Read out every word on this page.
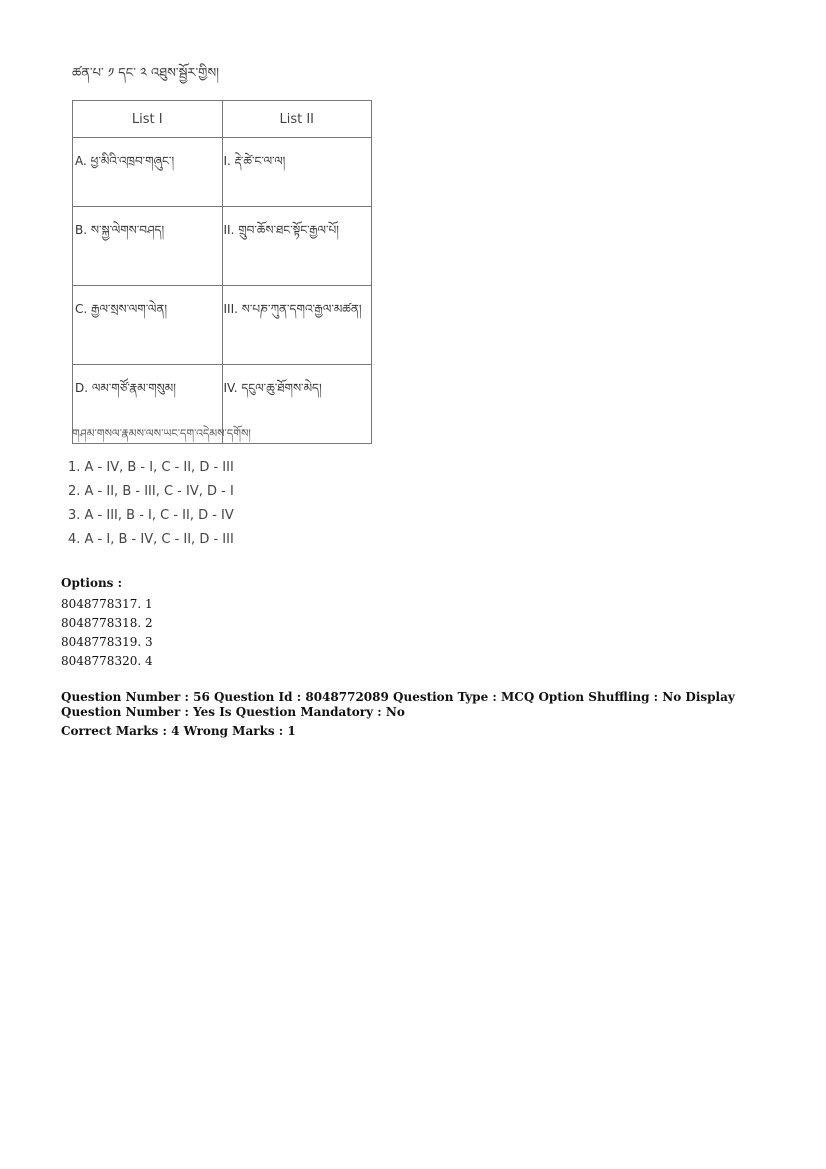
ཚན་པ་ ༡ དང་ ༢ འཐུས་སྦྱོར་གྱིས།
List I	List II
A. ཕྱ་མིའི་འཁྲབ་གཞུང་།	I. རྡེ་ཚེ་ང་ལ་ལ།
B. ས་སྐྱ་ལེགས་བཤད།	II. གྲུབ་ཆོས་ཐང་སྟོང་རྒྱལ་པོ།
C. རྒྱལ་སྲས་ལག་ལེན།	III. ས་པཎ་ཀུན་དགའ་རྒྱལ་མཚན།
D. ལམ་གཙོ་རྣམ་གསུམ།	IV. དངུལ་ཆུ་ཐོགས་མེད།
གཤམ་གསལ་རྣམས་ལས་ཡང་དག་འདེམས་དགོས།
1. A - IV, B - I, C - II, D - III
2. A - II, B - III, C - IV, D - I
3. A - III, B - I, C - II, D - IV
4. A - I, B - IV, C - II, D - III
Options :
8048778317. 1
8048778318. 2
8048778319. 3
8048778320. 4
Question Number : 56 Question Id : 8048772089 Question Type : MCQ Option Shuffling : No Display Question Number : Yes Is Question Mandatory : No
Correct Marks : 4 Wrong Marks : 1
